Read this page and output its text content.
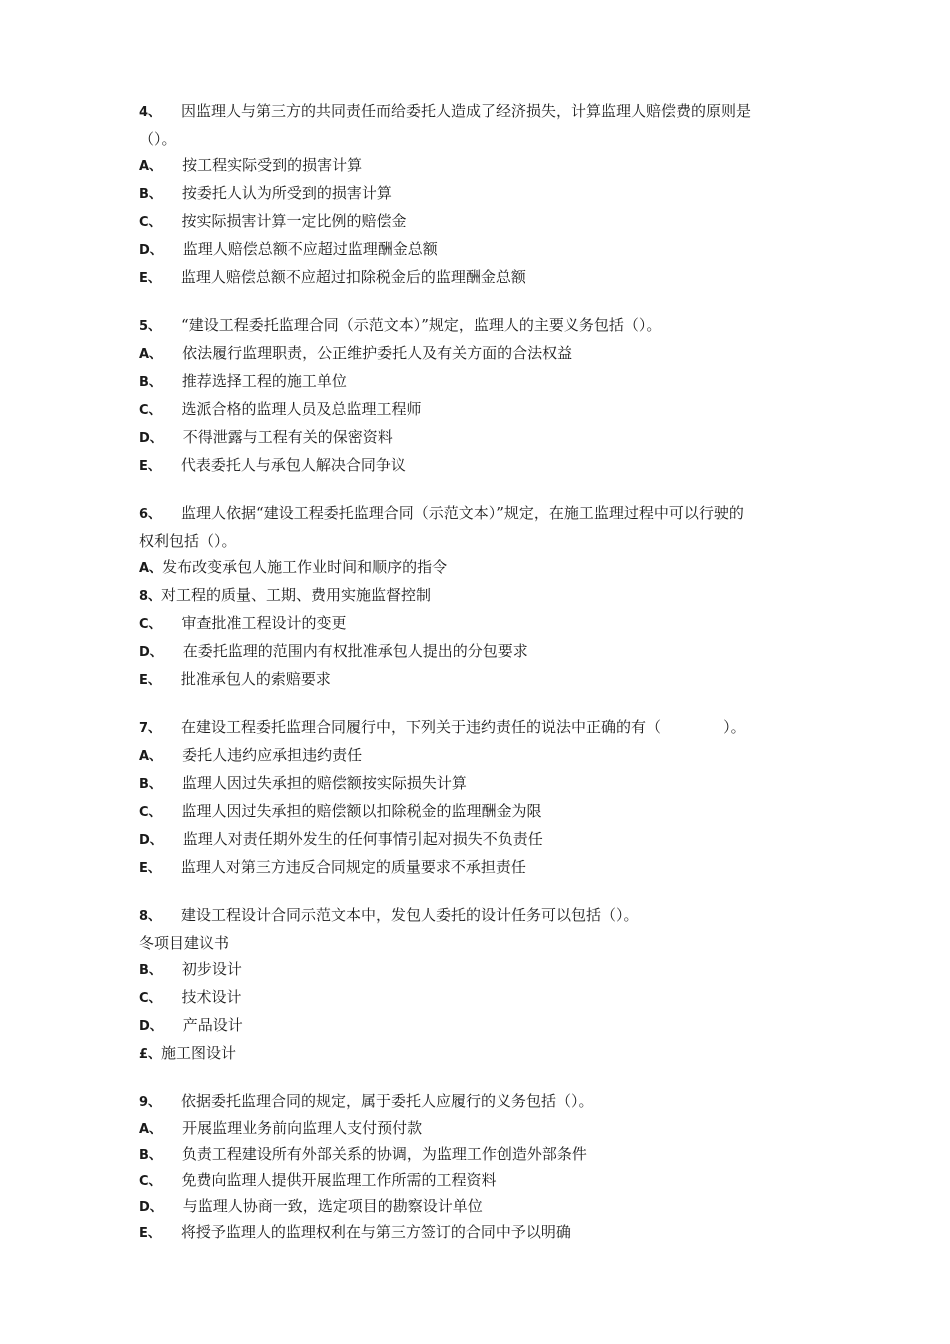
4、 因监理人与第三方的共同责任而给委托人造成了经济损失，计算监理人赔偿费的原则是
（）。
A、 按工程实际受到的损害计算
B、 按委托人认为所受到的损害计算
C、 按实际损害计算一定比例的赔偿金
D、 监理人赔偿总额不应超过监理酬金总额
E、 监理人赔偿总额不应超过扣除税金后的监理酬金总额
5、 “建设工程委托监理合同（示范文本）”规定，监理人的主要义务包括（）。
A、 依法履行监理职责，公正维护委托人及有关方面的合法权益
B、 推荐选择工程的施工单位
C、 选派合格的监理人员及总监理工程师
D、 不得泄露与工程有关的保密资料
E、 代表委托人与承包人解决合同争议
6、 监理人依据“建设工程委托监理合同（示范文本）”规定，在施工监理过程中可以行驶的
权利包括（）。
A、发布改变承包人施工作业时间和顺序的指令
8、对工程的质量、工期、费用实施监督控制
C、 审查批准工程设计的变更
D、 在委托监理的范围内有权批准承包人提出的分包要求
E、 批准承包人的索赔要求
7、 在建设工程委托监理合同履行中，下列关于违约责任的说法中正确的有（	）。
A、 委托人违约应承担违约责任
B、 监理人因过失承担的赔偿额按实际损失计算
C、 监理人因过失承担的赔偿额以扣除税金的监理酬金为限
D、 监理人对责任期外发生的任何事情引起对损失不负责任
E、 监理人对第三方违反合同规定的质量要求不承担责任
8、 建设工程设计合同示范文本中，发包人委托的设计任务可以包括（）。
冬项目建议书
B、 初步设计
C、 技术设计
D、 产品设计
£、施工图设计
9、 依据委托监理合同的规定，属于委托人应履行的义务包括（）。
A、 开展监理业务前向监理人支付预付款
B、 负责工程建设所有外部关系的协调，为监理工作创造外部条件
C、 免费向监理人提供开展监理工作所需的工程资料
D、 与监理人协商一致，选定项目的勘察设计单位
E、 将授予监理人的监理权利在与第三方签订的合同中予以明确
